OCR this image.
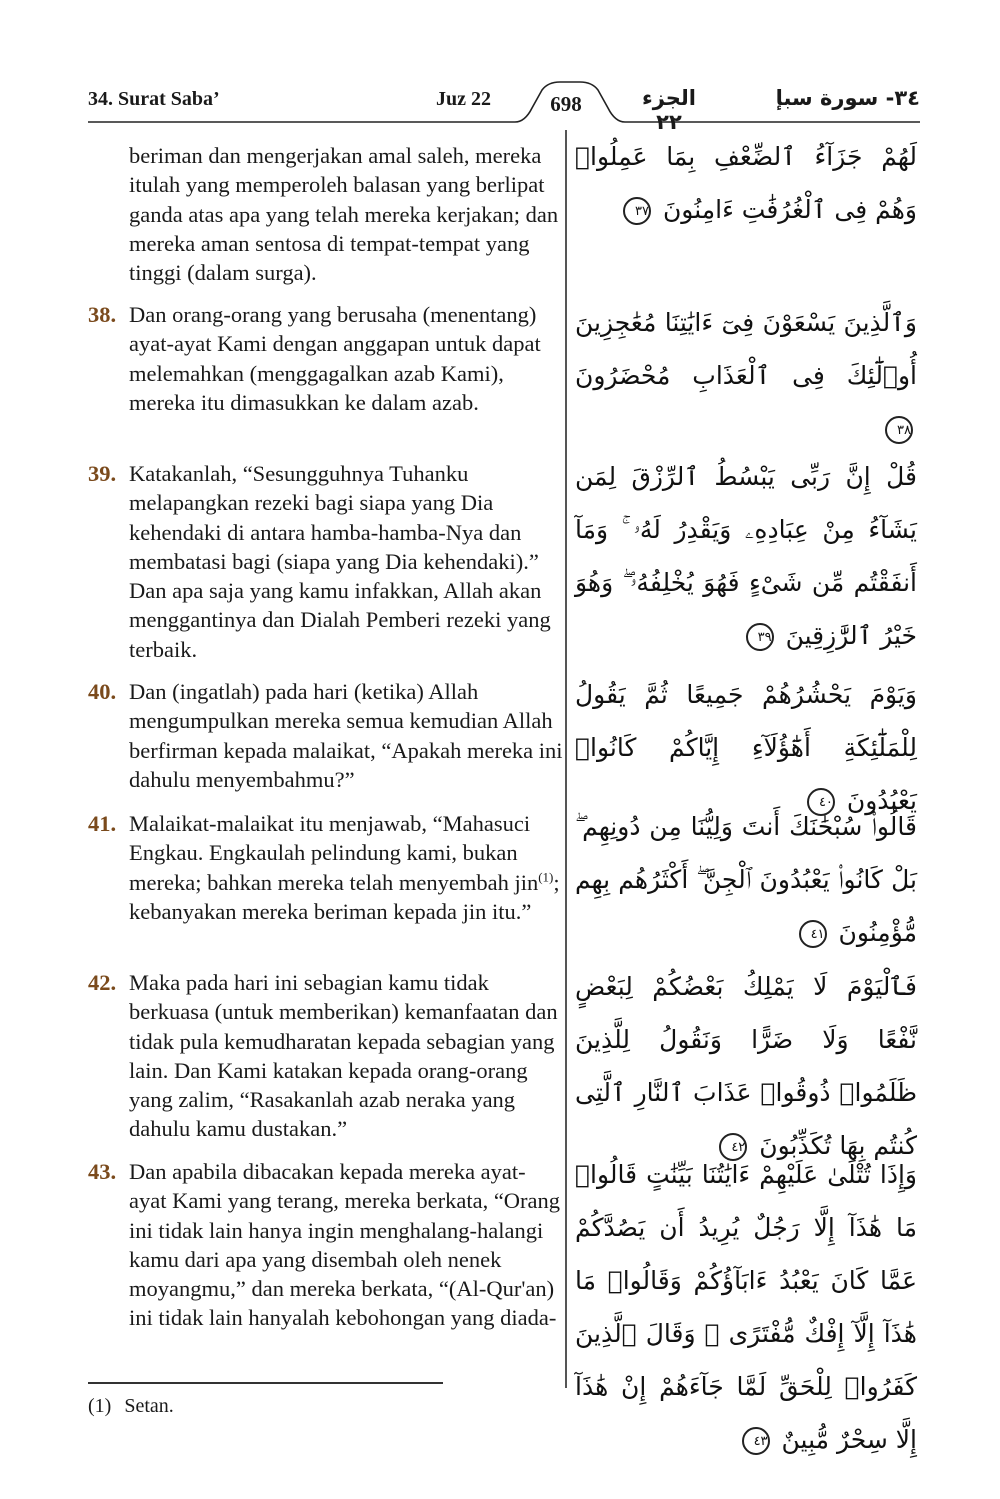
34. Surat Saba’	Juz 22	698	الجزء ٢٢
٣٤- سورة سبإ
beriman dan mengerjakan amal saleh, mereka itulah yang memperoleh balasan yang berlipat ganda atas apa yang telah mereka kerjakan; dan mereka aman sentosa di tempat-tempat yang tinggi (dalam surga).
38. Dan orang-orang yang berusaha (menentang) ayat-ayat Kami dengan anggapan untuk dapat melemahkan (menggagalkan azab Kami), mereka itu dimasukkan ke dalam azab.
39. Katakanlah, “Sesungguhnya Tuhanku melapangkan rezeki bagi siapa yang Dia kehendaki di antara hamba-hamba-Nya dan membatasi bagi (siapa yang Dia kehendaki).” Dan apa saja yang kamu infakkan, Allah akan menggantinya dan Dialah Pemberi rezeki yang terbaik.
40. Dan (ingatlah) pada hari (ketika) Allah mengumpulkan mereka semua kemudian Allah berfirman kepada malaikat, “Apakah mereka ini dahulu menyembahmu?”
41. Malaikat-malaikat itu menjawab, “Mahasuci Engkau. Engkaulah pelindung kami, bukan mereka; bahkan mereka telah menyembah jin$^{(1)}$; kebanyakan mereka beriman kepada jin itu.”
42. Maka pada hari ini sebagian kamu tidak berkuasa (untuk memberikan) kemanfaatan dan tidak pula kemudharatan kepada sebagian yang lain. Dan Kami katakan kepada orang-orang yang zalim, “Rasakanlah azab neraka yang dahulu kamu dustakan.”
43. Dan apabila dibacakan kepada mereka ayat-ayat Kami yang terang, mereka berkata, “Orang ini tidak lain hanya ingin menghalang-halangi kamu dari apa yang disembah oleh nenek moyangmu,” dan mereka berkata, “(Al-Qur'an) ini tidak lain hanyalah kebohongan yang diada-
لَهُمْ جَزَآءُ ٱلضِّعْفِ بِمَا عَمِلُوا۟ وَهُمْ فِى ٱلْغُرُفَٰتِ ءَامِنُونَ ٣٧
وَٱلَّذِينَ يَسْعَوْنَ فِىٓ ءَايَٰتِنَا مُعَٰجِزِينَ أُو۟لَٰٓئِكَ فِى ٱلْعَذَابِ مُحْضَرُونَ ٣٨
قُلْ إِنَّ رَبِّى يَبْسُطُ ٱلرِّزْقَ لِمَن يَشَآءُ مِنْ عِبَادِهِۦ وَيَقْدِرُ لَهُۥ ۚ وَمَآ أَنفَقْتُم مِّن شَىْءٍ فَهُوَ يُخْلِفُهُۥ ۖ وَهُوَ خَيْرُ ٱلرَّٰزِقِينَ ٣٩
وَيَوْمَ يَحْشُرُهُمْ جَمِيعًا ثُمَّ يَقُولُ لِلْمَلَٰٓئِكَةِ أَهَٰٓؤُلَآءِ إِيَّاكُمْ كَانُوا۟ يَعْبُدُونَ ٤٠
قَالُوا۟ سُبْحَٰنَكَ أَنتَ وَلِيُّنَا مِن دُونِهِم ۖ بَلْ كَانُوا۟ يَعْبُدُونَ ٱلْجِنَّ ۖ أَكْثَرُهُم بِهِم مُّؤْمِنُونَ ٤١
فَٱلْيَوْمَ لَا يَمْلِكُ بَعْضُكُمْ لِبَعْضٍ نَّفْعًا وَلَا ضَرًّا وَنَقُولُ لِلَّذِينَ ظَلَمُوا۟ ذُوقُوا۟ عَذَابَ ٱلنَّارِ ٱلَّتِى كُنتُم بِهَا تُكَذِّبُونَ ٤٢
وَإِذَا تُتْلَىٰ عَلَيْهِمْ ءَايَٰتُنَا بَيِّنَٰتٍ قَالُوا۟ مَا هَٰذَآ إِلَّا رَجُلٌ يُرِيدُ أَن يَصُدَّكُمْ عَمَّا كَانَ يَعْبُدُ ءَابَآؤُكُمْ وَقَالُوا۟ مَا هَٰذَآ إِلَّآ إِفْكٌ مُّفْتَرًى ۚ وَقَالَ ٱلَّذِينَ كَفَرُوا۟ لِلْحَقِّ لَمَّا جَآءَهُمْ إِنْ هَٰذَآ إِلَّا سِحْرٌ مُّبِينٌ ٤٣
(1) Setan.
